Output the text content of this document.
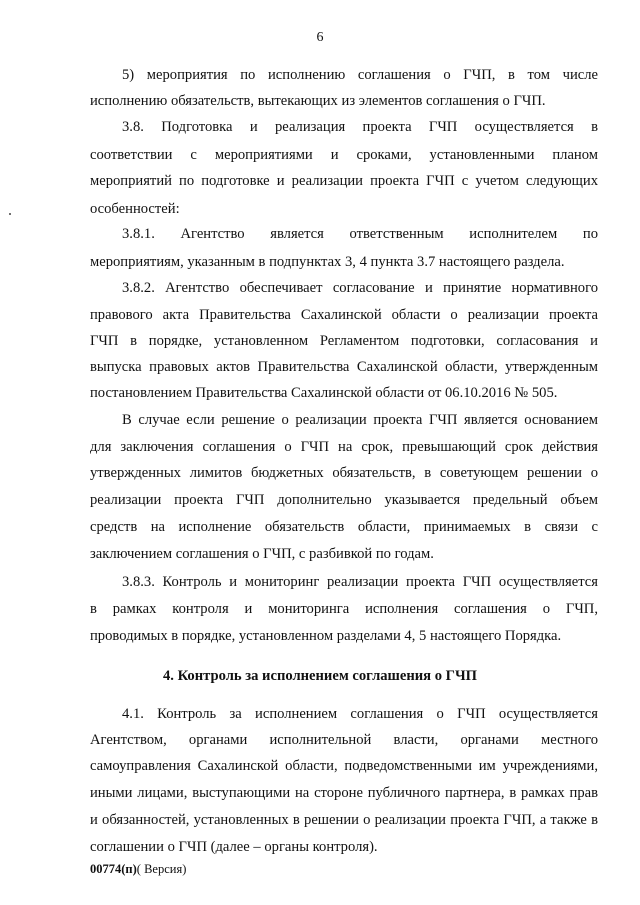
6
5) мероприятия по исполнению соглашения о ГЧП, в том числе
исполнению обязательств, вытекающих из элементов соглашения о ГЧП.
3.8. Подготовка и реализация проекта ГЧП осуществляется в
соответствии с мероприятиями и сроками, установленными планом
мероприятий по подготовке и реализации проекта ГЧП с учетом следующих
особенностей:
3.8.1. Агентство является ответственным исполнителем по
мероприятиям, указанным в подпунктах 3, 4 пункта 3.7 настоящего раздела.
3.8.2. Агентство обеспечивает согласование и принятие нормативного
правового акта Правительства Сахалинской области о реализации проекта
ГЧП в порядке, установленном Регламентом подготовки, согласования и
выпуска правовых актов Правительства Сахалинской области, утвержденным
постановлением Правительства Сахалинской области от 06.10.2016 № 505.
В случае если решение о реализации проекта ГЧП является основанием
для заключения соглашения о ГЧП на срок, превышающий срок действия
утвержденных лимитов бюджетных обязательств, в советующем решении о
реализации проекта ГЧП дополнительно указывается предельный объем
средств на исполнение обязательств области, принимаемых в связи с
заключением соглашения о ГЧП, с разбивкой по годам.
3.8.3. Контроль и мониторинг реализации проекта ГЧП осуществляется
в рамках контроля и мониторинга исполнения соглашения о ГЧП,
проводимых в порядке, установленном разделами 4, 5 настоящего Порядка.
4.1. Контроль за исполнением соглашения о ГЧП осуществляется
Агентством, органами исполнительной власти, органами местного
самоуправления Сахалинской области, подведомственными им учреждениями,
иными лицами, выступающими на стороне публичного партнера, в рамках прав
и обязанностей, установленных в решении о реализации проекта ГЧП, а также в
соглашении о ГЧП (далее – органы контроля).
4. Контроль за исполнением соглашения о ГЧП
00774(п)( Версия)
